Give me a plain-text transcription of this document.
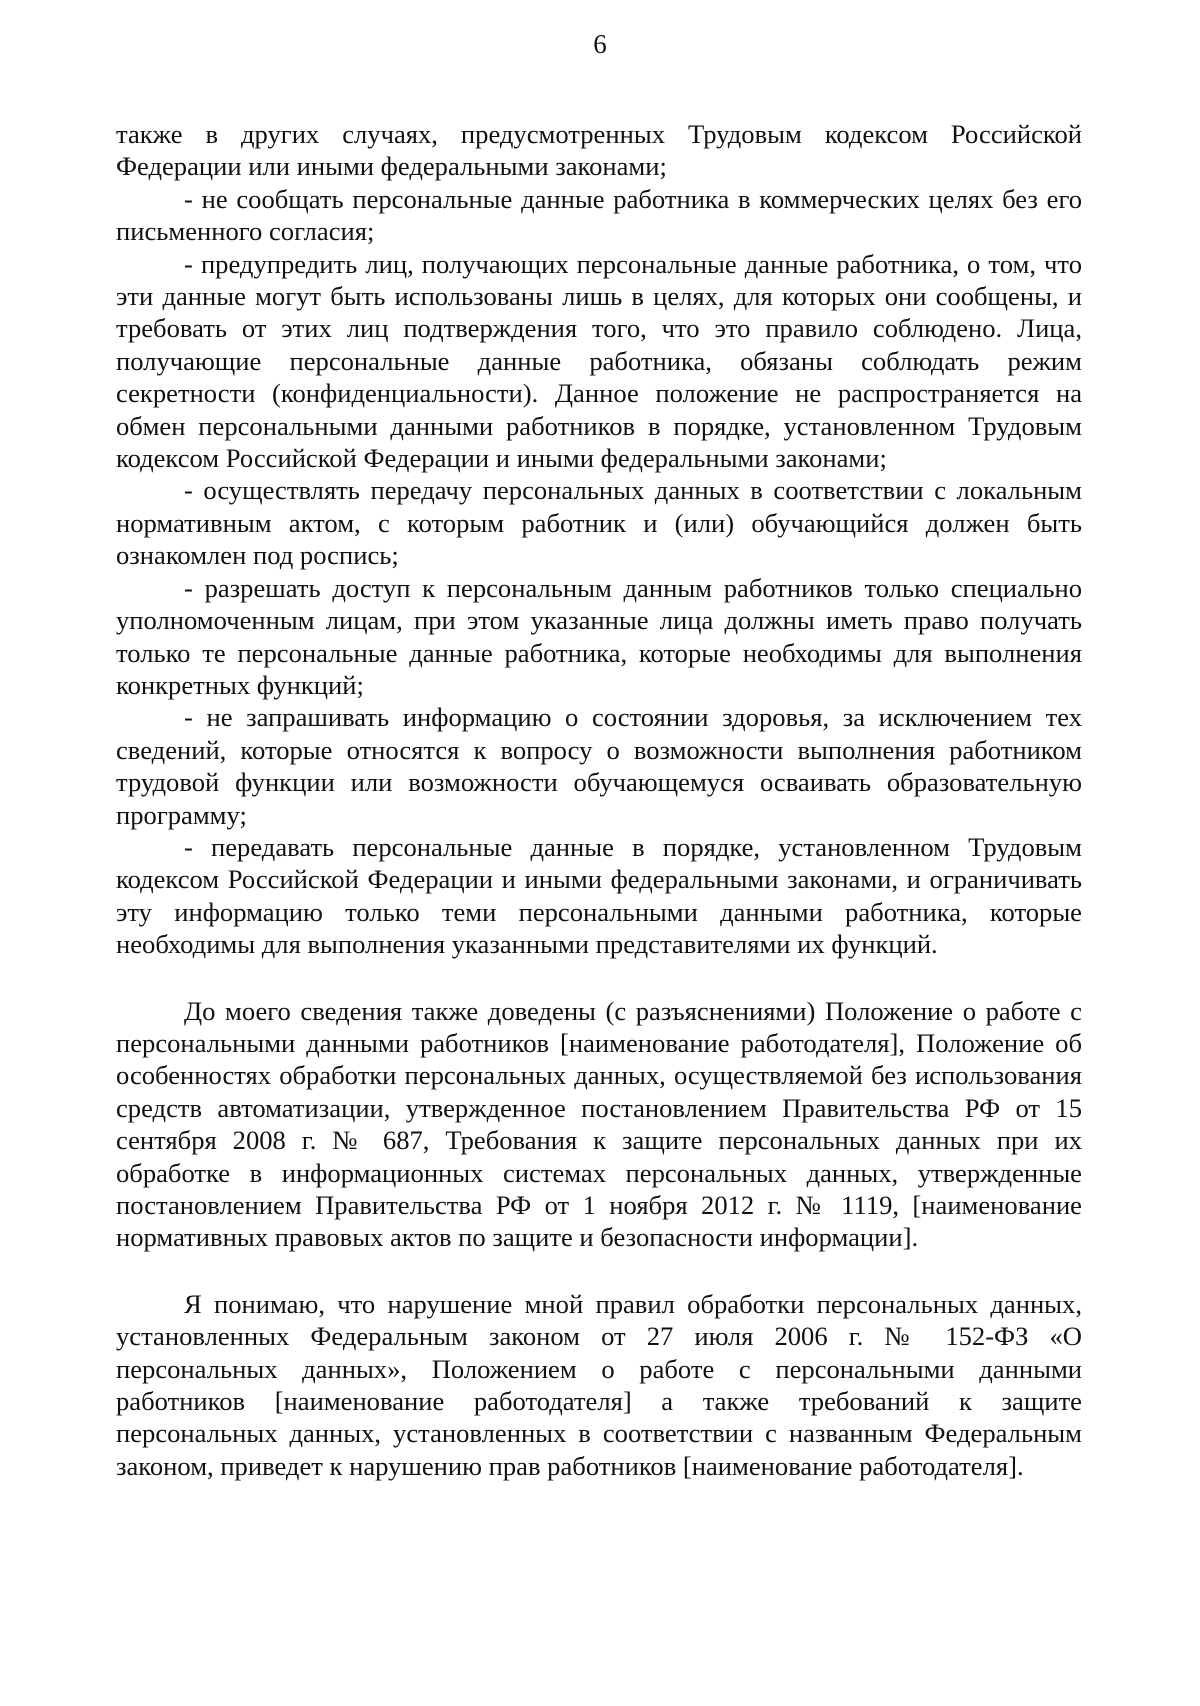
6

также в других случаях, предусмотренных Трудовым кодексом Российской Федерации или иными федеральными законами;

- не сообщать персональные данные работника в коммерческих целях без его письменного согласия;

- предупредить лиц, получающих персональные данные работника, о том, что эти данные могут быть использованы лишь в целях, для которых они сообщены, и требовать от этих лиц подтверждения того, что это правило соблюдено. Лица, получающие персональные данные работника, обязаны соблюдать режим секретности (конфиденциальности). Данное положение не распространяется на обмен персональными данными работников в порядке, установленном Трудовым кодексом Российской Федерации и иными федеральными законами;

- осуществлять передачу персональных данных в соответствии с локальным нормативным актом, с которым работник и (или) обучающийся должен быть ознакомлен под роспись;

- разрешать доступ к персональным данным работников только специально уполномоченным лицам, при этом указанные лица должны иметь право получать только те персональные данные работника, которые необходимы для выполнения конкретных функций;

- не запрашивать информацию о состоянии здоровья, за исключением тех сведений, которые относятся к вопросу о возможности выполнения работником трудовой функции или возможности обучающемуся осваивать образовательную программу;

- передавать персональные данные в порядке, установленном Трудовым кодексом Российской Федерации и иными федеральными законами, и ограничивать эту информацию только теми персональными данными работника, которые необходимы для выполнения указанными представителями их функций.

До моего сведения также доведены (с разъяснениями) Положение о работе с персональными данными работников [наименование работодателя], Положение об особенностях обработки персональных данных, осуществляемой без использования средств автоматизации, утвержденное постановлением Правительства РФ от 15 сентября 2008 г. № 687, Требования к защите персональных данных при их обработке в информационных системах персональных данных, утвержденные постановлением Правительства РФ от 1 ноября 2012 г. № 1119, [наименование нормативных правовых актов по защите и безопасности информации].

Я понимаю, что нарушение мной правил обработки персональных данных, установленных Федеральным законом от 27 июля 2006 г. № 152-ФЗ «О персональных данных», Положением о работе с персональными данными работников [наименование работодателя] а также требований к защите персональных данных, установленных в соответствии с названным Федеральным законом, приведет к нарушению прав работников [наименование работодателя].
